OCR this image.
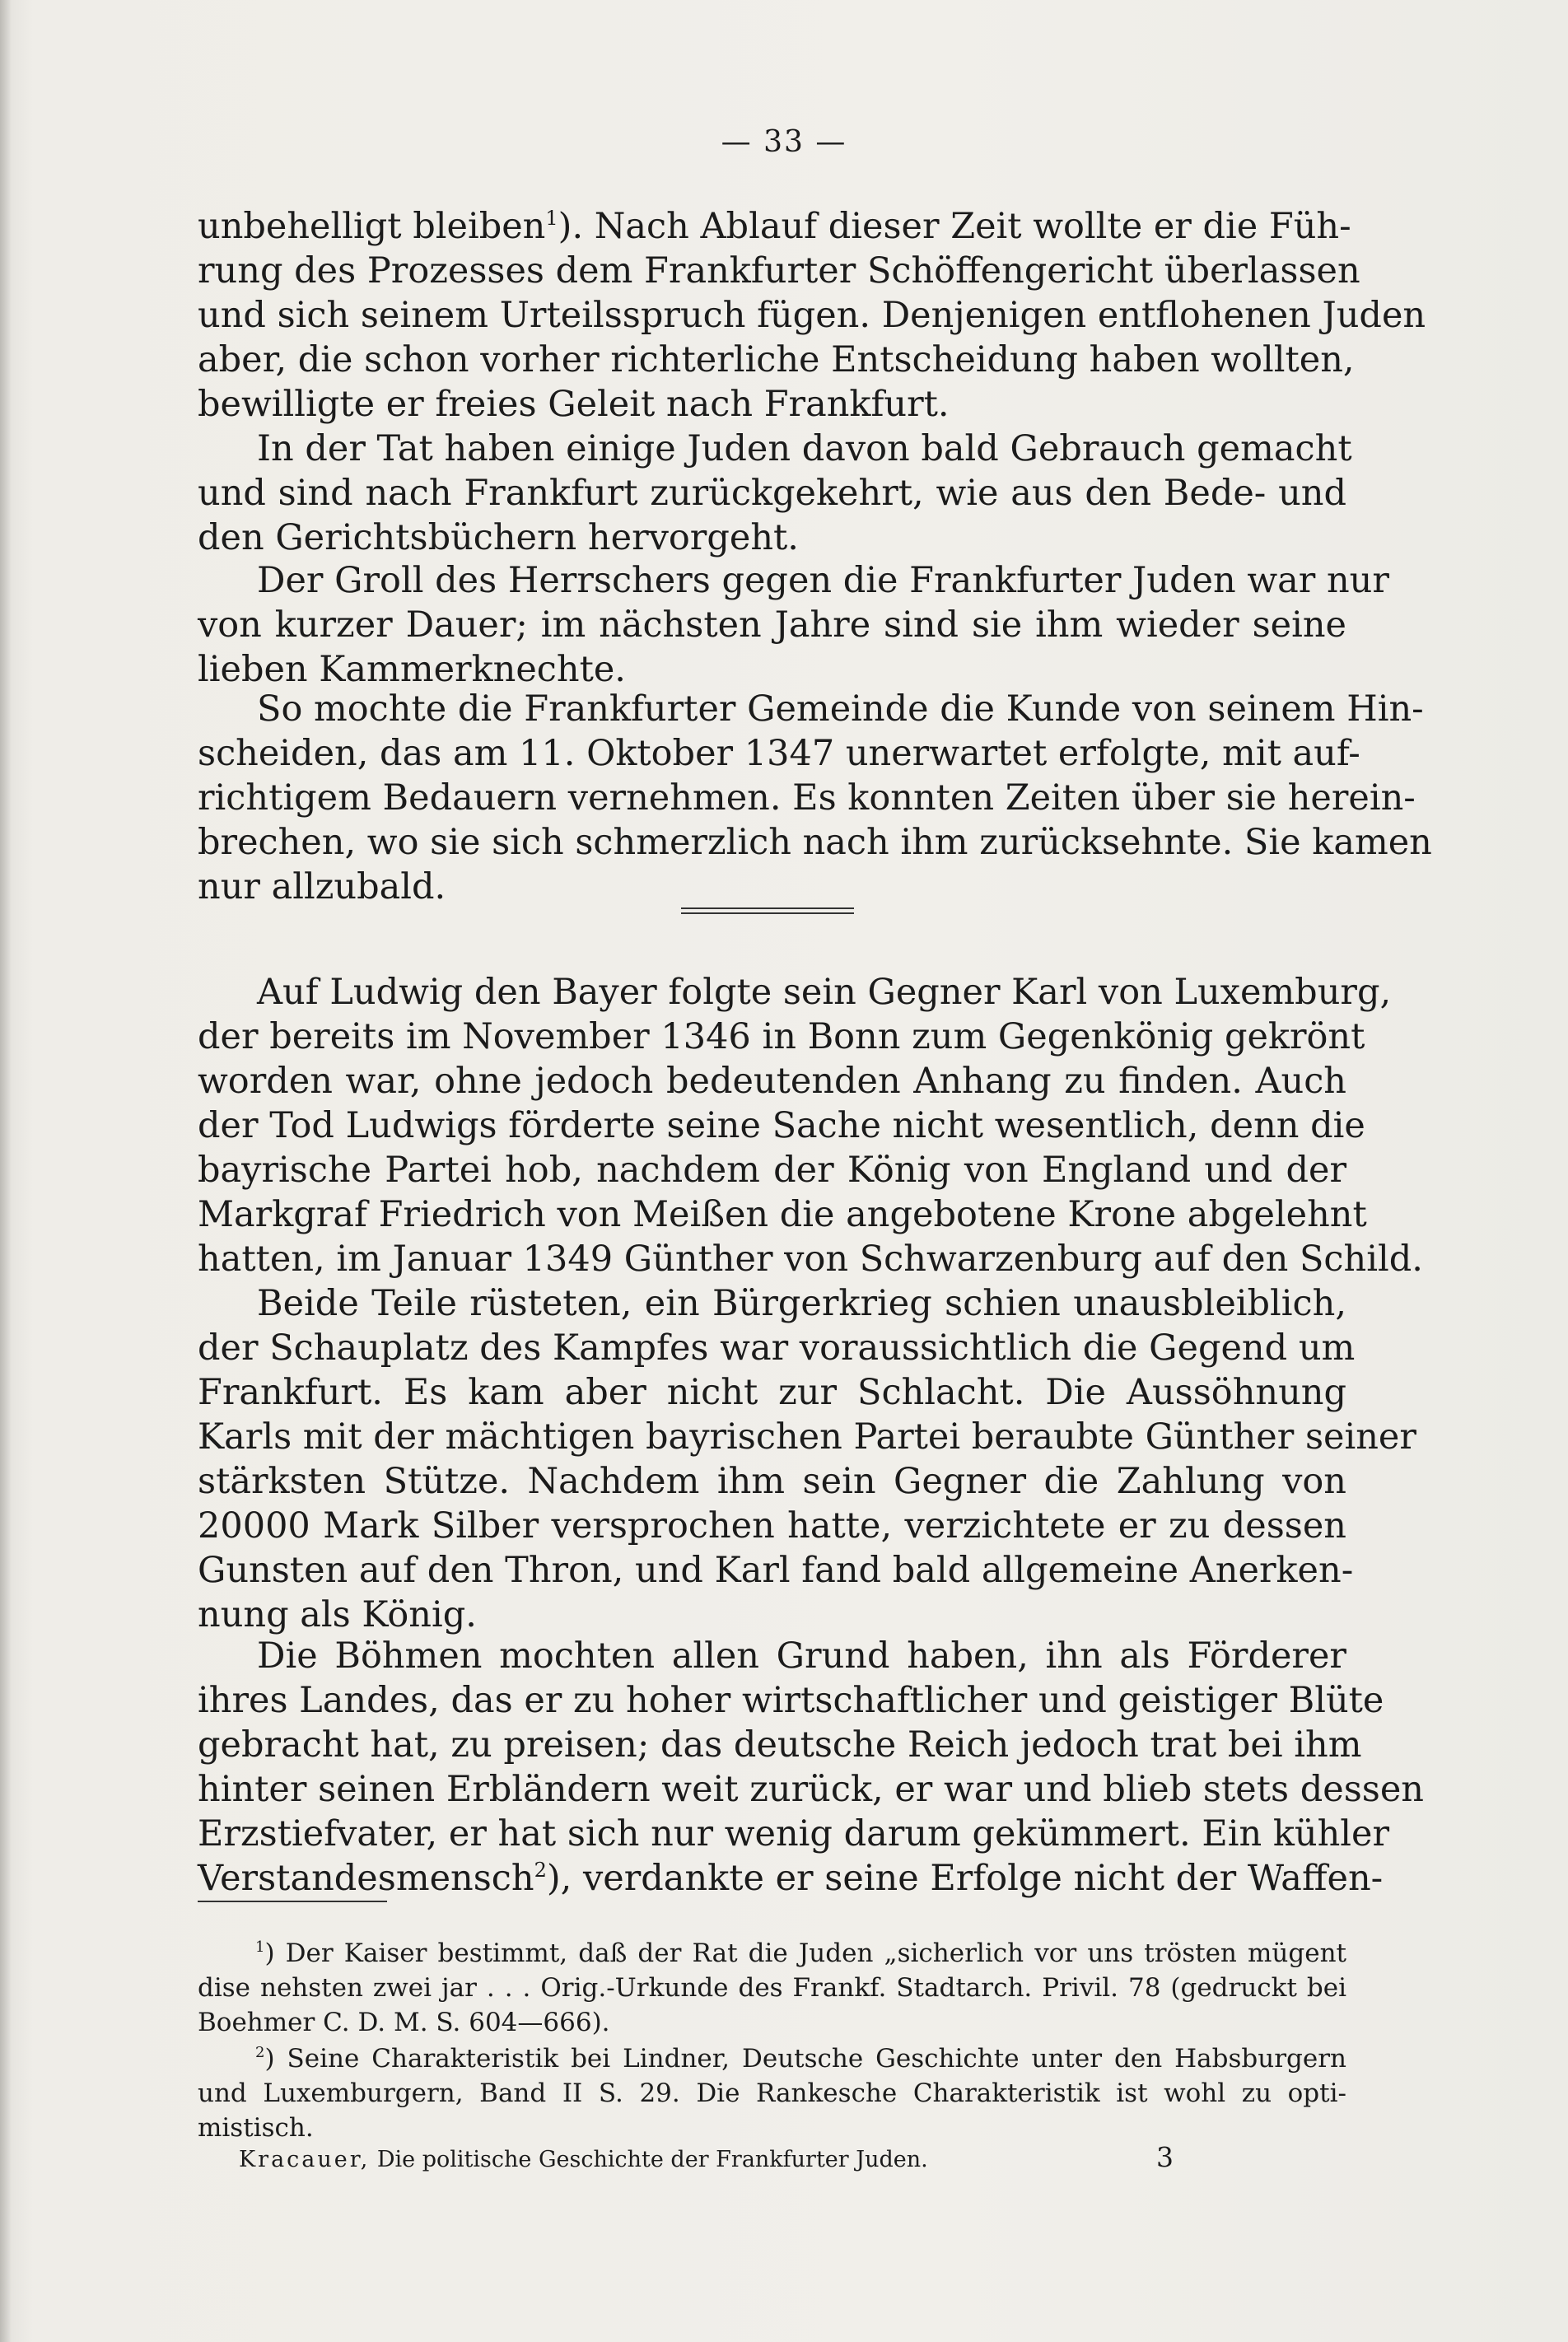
— 33 —
unbehelligt bleiben$^1$). Nach Ablauf dieser Zeit wollte er die Füh-
rung des Prozesses dem Frankfurter Schöffengericht überlassen
und sich seinem Urteilsspruch fügen. Denjenigen entflohenen Juden
aber, die schon vorher richterliche Entscheidung haben wollten,
bewilligte er freies Geleit nach Frankfurt.
In der Tat haben einige Juden davon bald Gebrauch gemacht
und sind nach Frankfurt zurückgekehrt, wie aus den Bede- und
den Gerichtsbüchern hervorgeht.
Der Groll des Herrschers gegen die Frankfurter Juden war nur
von kurzer Dauer; im nächsten Jahre sind sie ihm wieder seine
lieben Kammerknechte.
So mochte die Frankfurter Gemeinde die Kunde von seinem Hin-
scheiden, das am 11. Oktober 1347 unerwartet erfolgte, mit auf-
richtigem Bedauern vernehmen. Es konnten Zeiten über sie herein-
brechen, wo sie sich schmerzlich nach ihm zurücksehnte. Sie kamen
nur allzubald.
Auf Ludwig den Bayer folgte sein Gegner Karl von Luxemburg,
der bereits im November 1346 in Bonn zum Gegenkönig gekrönt
worden war, ohne jedoch bedeutenden Anhang zu finden. Auch
der Tod Ludwigs förderte seine Sache nicht wesentlich, denn die
bayrische Partei hob, nachdem der König von England und der
Markgraf Friedrich von Meißen die angebotene Krone abgelehnt
hatten, im Januar 1349 Günther von Schwarzenburg auf den Schild.
Beide Teile rüsteten, ein Bürgerkrieg schien unausbleiblich,
der Schauplatz des Kampfes war voraussichtlich die Gegend um
Frankfurt. Es kam aber nicht zur Schlacht. Die Aussöhnung
Karls mit der mächtigen bayrischen Partei beraubte Günther seiner
stärksten Stütze. Nachdem ihm sein Gegner die Zahlung von
20000 Mark Silber versprochen hatte, verzichtete er zu dessen
Gunsten auf den Thron, und Karl fand bald allgemeine Anerken-
nung als König.
Die Böhmen mochten allen Grund haben, ihn als Förderer
ihres Landes, das er zu hoher wirtschaftlicher und geistiger Blüte
gebracht hat, zu preisen; das deutsche Reich jedoch trat bei ihm
hinter seinen Erbländern weit zurück, er war und blieb stets dessen
Erzstiefvater, er hat sich nur wenig darum gekümmert. Ein kühler
Verstandesmensch$^2$), verdankte er seine Erfolge nicht der Waffen-
$^1$) Der Kaiser bestimmt, daß der Rat die Juden „sicherlich vor uns trösten mügent
dise nehsten zwei jar . . . Orig.-Urkunde des Frankf. Stadtarch. Privil. 78 (gedruckt bei
Boehmer C. D. M. S. 604—666).
$^2$) Seine Charakteristik bei Lindner, Deutsche Geschichte unter den Habsburgern
und Luxemburgern, Band II S. 29. Die Rankesche Charakteristik ist wohl zu opti-
mistisch.
Kracauer, Die politische Geschichte der Frankfurter Juden.	3
